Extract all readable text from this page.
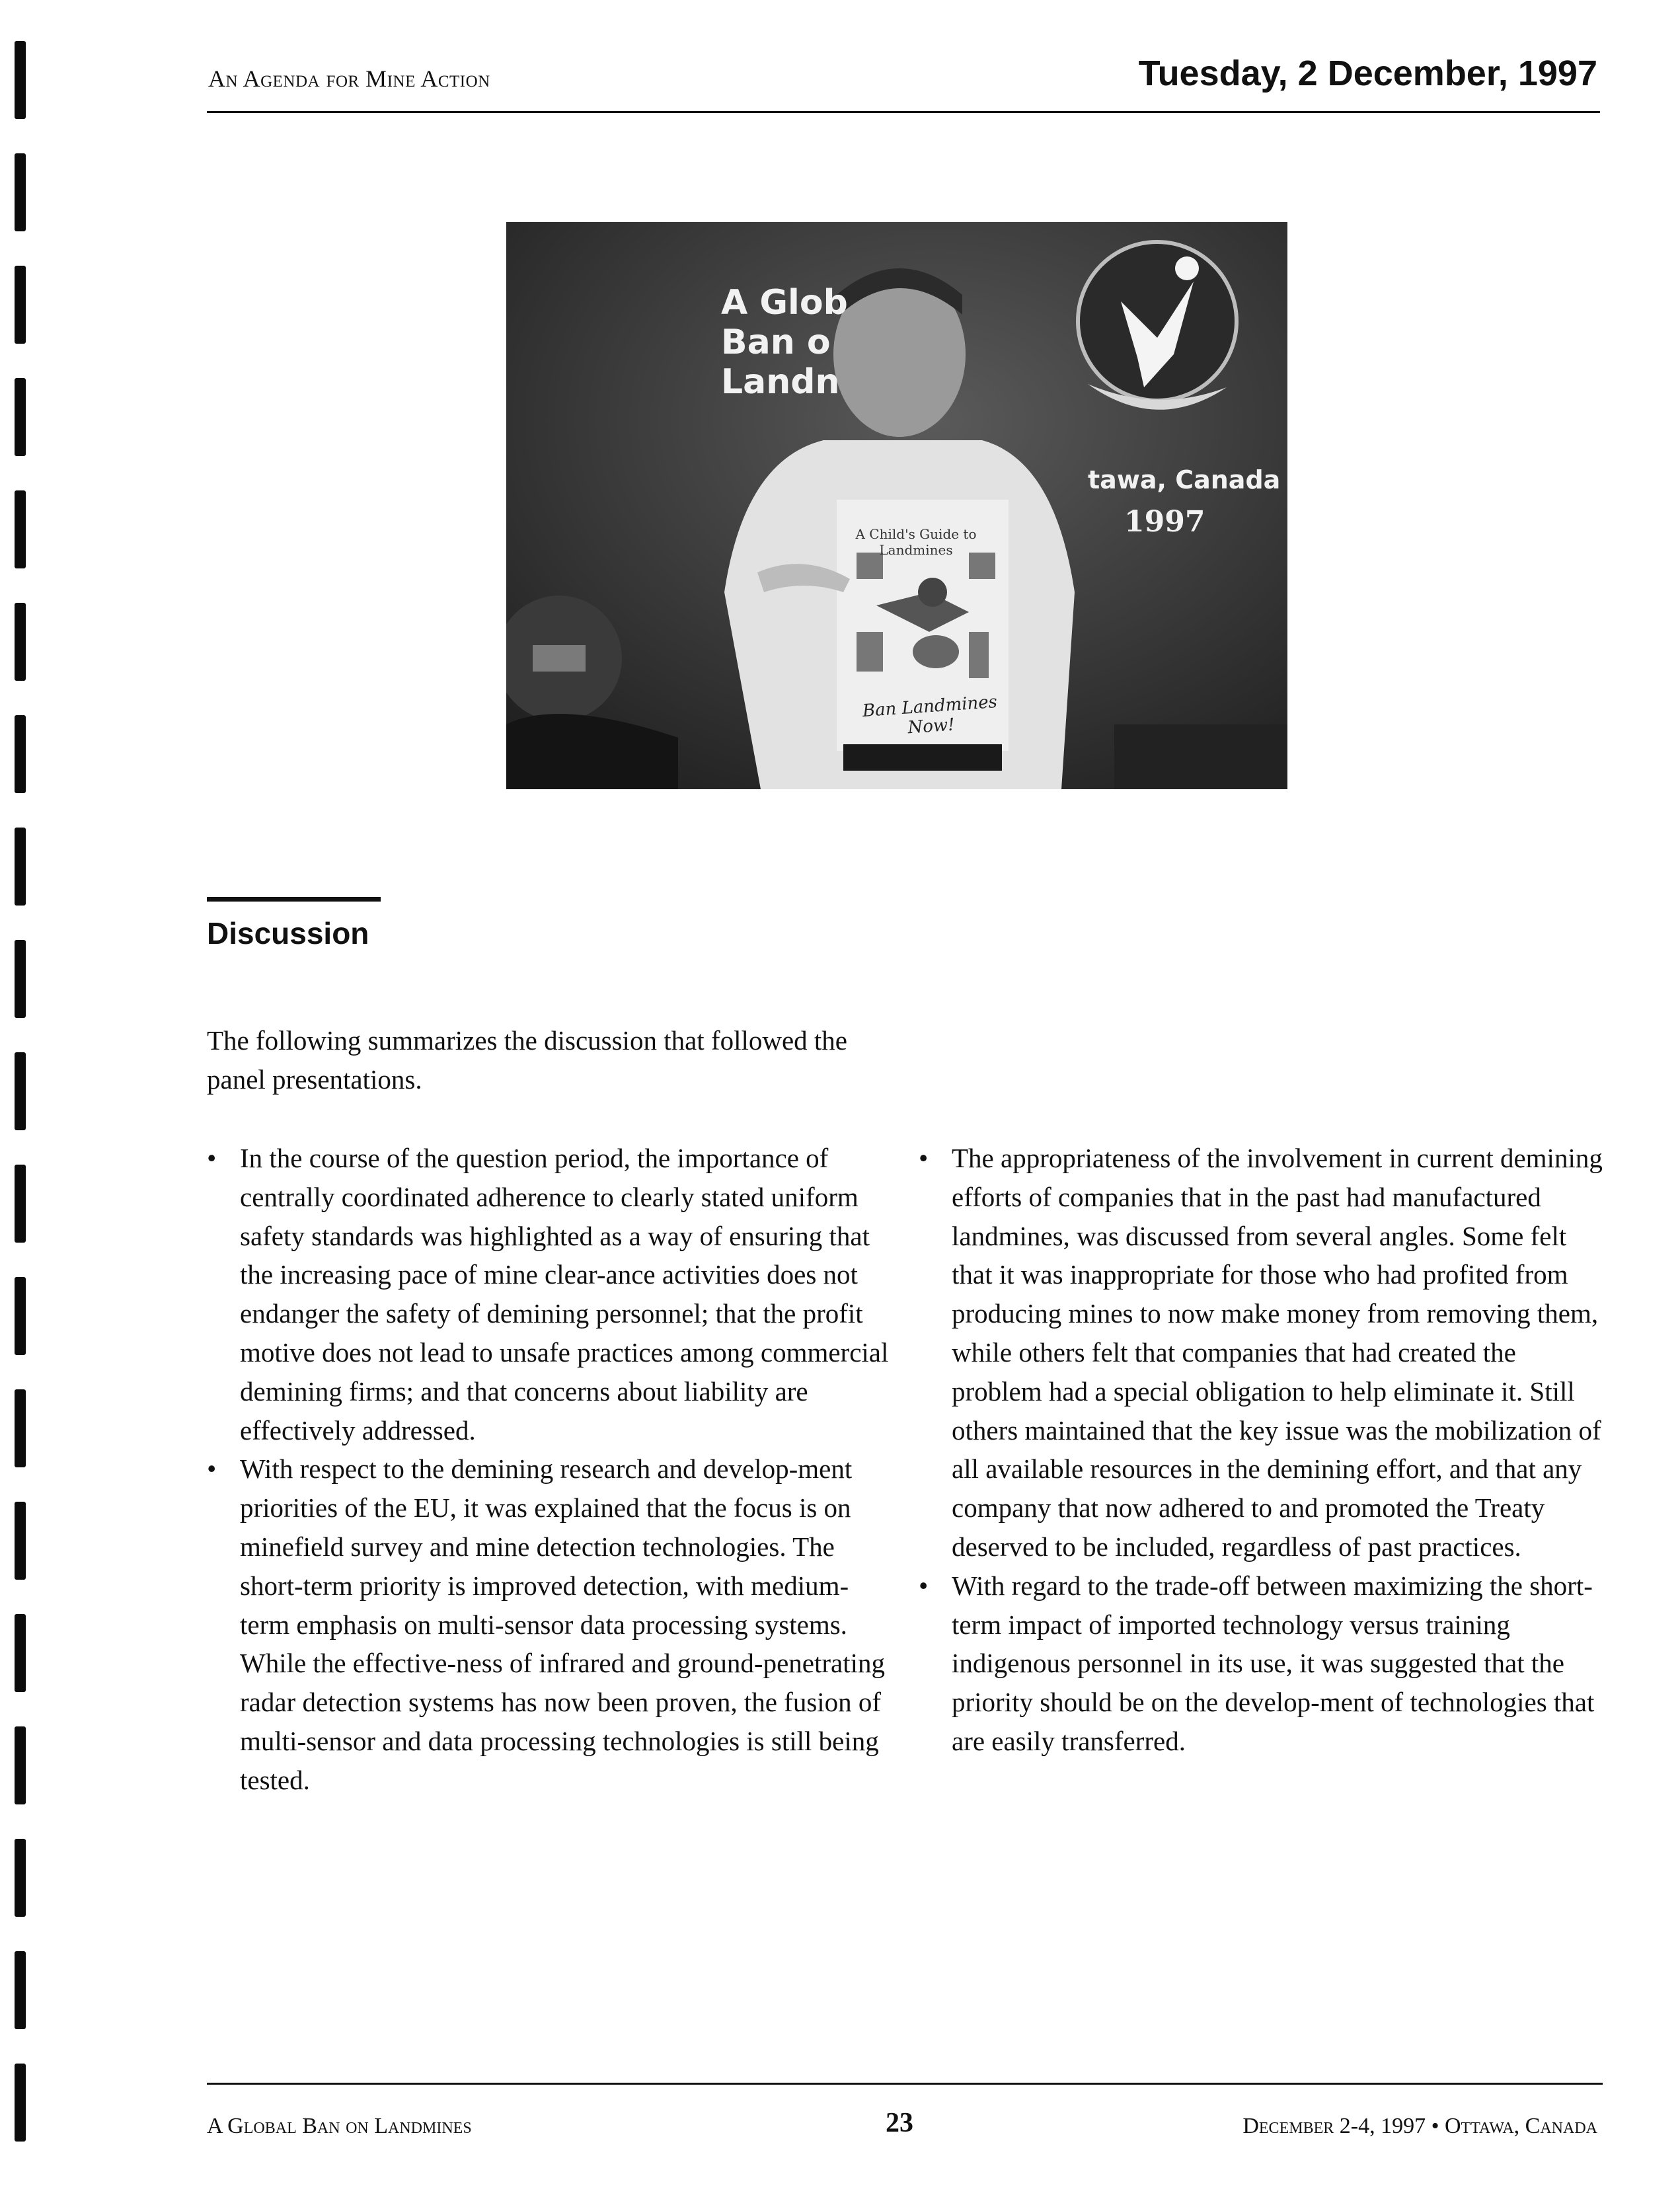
An Agenda for Mine Action	Tuesday, 2 December, 1997
A Glob
Ban o
Landn
tawa, Canada
1997
A Child's Guide to
Landmines
Ban Landmines Now!
Discussion

The following summarizes the discussion that followed the panel presentations.

• In the course of the question period, the importance of centrally coordinated adherence to clearly stated uniform safety standards was highlighted as a way of ensuring that the increasing pace of mine clear-ance activities does not endanger the safety of demining personnel; that the profit motive does not lead to unsafe practices among commercial demining firms; and that concerns about liability are effectively addressed.
• With respect to the demining research and develop-ment priorities of the EU, it was explained that the focus is on minefield survey and mine detection technologies. The short-term priority is improved detection, with medium-term emphasis on multi-sensor data processing systems. While the effective-ness of infrared and ground-penetrating radar detection systems has now been proven, the fusion of multi-sensor and data processing technologies is still being tested.
• The appropriateness of the involvement in current demining efforts of companies that in the past had manufactured landmines, was discussed from several angles. Some felt that it was inappropriate for those who had profited from producing mines to now make money from removing them, while others felt that companies that had created the problem had a special obligation to help eliminate it. Still others maintained that the key issue was the mobilization of all available resources in the demining effort, and that any company that now adhered to and promoted the Treaty deserved to be included, regardless of past practices.
• With regard to the trade-off between maximizing the short-term impact of imported technology versus training indigenous personnel in its use, it was suggested that the priority should be on the develop-ment of technologies that are easily transferred.
A Global Ban on Landmines	23	December 2-4, 1997 • Ottawa, Canada
